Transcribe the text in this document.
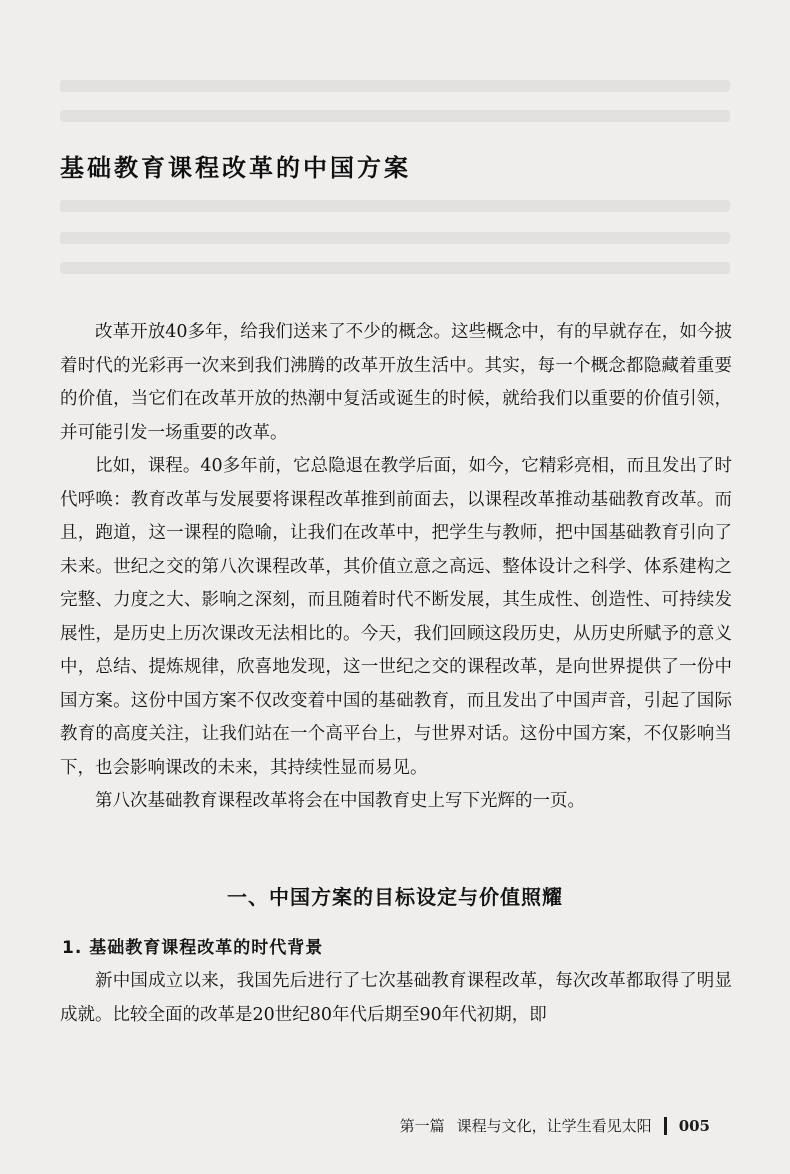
基础教育课程改革的中国方案

改革开放40多年，给我们送来了不少的概念。这些概念中，有的早就存在，如今披着时代的光彩再一次来到我们沸腾的改革开放生活中。其实，每一个概念都隐藏着重要的价值，当它们在改革开放的热潮中复活或诞生的时候，就给我们以重要的价值引领，并可能引发一场重要的改革。

比如，课程。40多年前，它总隐退在教学后面，如今，它精彩亮相，而且发出了时代呼唤：教育改革与发展要将课程改革推到前面去，以课程改革推动基础教育改革。而且，跑道，这一课程的隐喻，让我们在改革中，把学生与教师，把中国基础教育引向了未来。世纪之交的第八次课程改革，其价值立意之高远、整体设计之科学、体系建构之完整、力度之大、影响之深刻，而且随着时代不断发展，其生成性、创造性、可持续发展性，是历史上历次课改无法相比的。今天，我们回顾这段历史，从历史所赋予的意义中，总结、提炼规律，欣喜地发现，这一世纪之交的课程改革，是向世界提供了一份中国方案。这份中国方案不仅改变着中国的基础教育，而且发出了中国声音，引起了国际教育的高度关注，让我们站在一个高平台上，与世界对话。这份中国方案，不仅影响当下，也会影响课改的未来，其持续性显而易见。

第八次基础教育课程改革将会在中国教育史上写下光辉的一页。

一、中国方案的目标设定与价值照耀
1. 基础教育课程改革的时代背景

新中国成立以来，我国先后进行了七次基础教育课程改革，每次改革都取得了明显成就。比较全面的改革是20世纪80年代后期至90年代初期，即

第一篇 课程与文化，让学生看见太阳 005
